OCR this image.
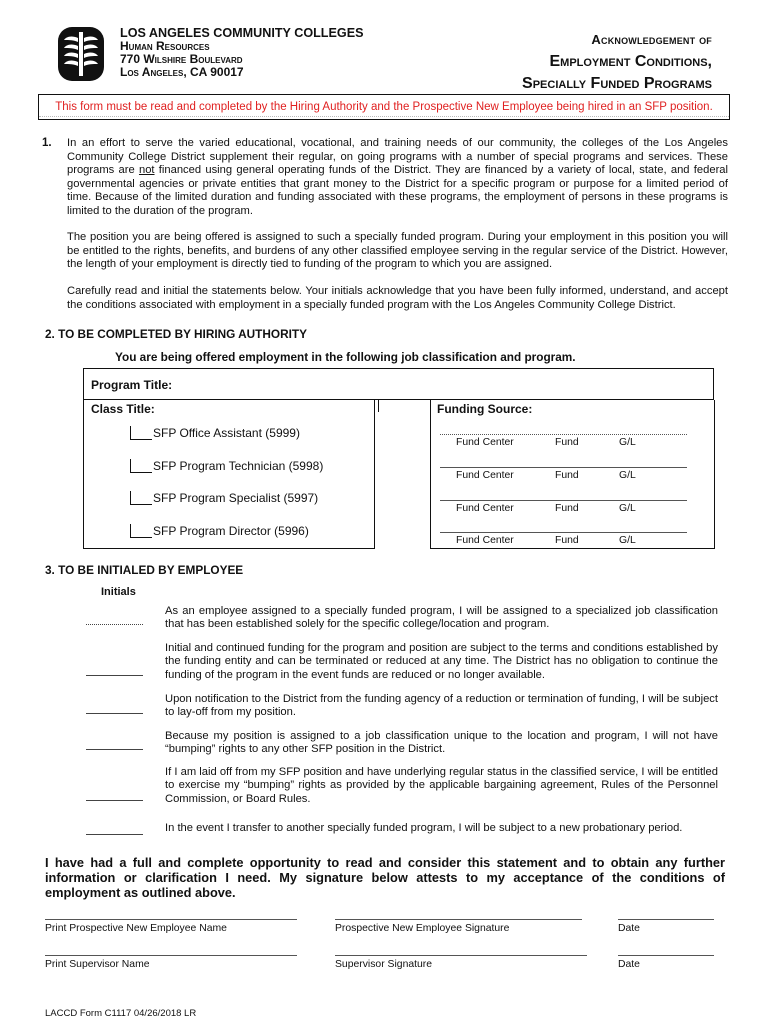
LOS ANGELES COMMUNITY COLLEGES
Human Resources
770 Wilshire Boulevard
Los Angeles, CA 90017
Acknowledgement of
Employment Conditions,
Specially Funded Programs
This form must be read and completed by the Hiring Authority and the Prospective New Employee being hired in an SFP position.
1. In an effort to serve the varied educational, vocational, and training needs of our community, the colleges of the Los Angeles Community College District supplement their regular, on going programs with a number of special programs and services. These programs are not financed using general operating funds of the District. They are financed by a variety of local, state, and federal governmental agencies or private entities that grant money to the District for a specific program or purpose for a limited period of time. Because of the limited duration and funding associated with these programs, the employment of persons in these programs is limited to the duration of the program.
The position you are being offered is assigned to such a specially funded program. During your employment in this position you will be entitled to the rights, benefits, and burdens of any other classified employee serving in the regular service of the District. However, the length of your employment is directly tied to funding of the program to which you are assigned.
Carefully read and initial the statements below. Your initials acknowledge that you have been fully informed, understand, and accept the conditions associated with employment in a specially funded program with the Los Angeles Community College District.
2. TO BE COMPLETED BY HIRING AUTHORITY
You are being offered employment in the following job classification and program.
Program Title:
Class Title:	Funding Source:
SFP Office Assistant (5999)
SFP Program Technician (5998)
SFP Program Specialist (5997)
SFP Program Director (5996)
Fund Center	Fund	G/L
Fund Center	Fund	G/L
Fund Center	Fund	G/L
Fund Center	Fund	G/L
3. TO BE INITIALED BY EMPLOYEE
Initials
As an employee assigned to a specially funded program, I will be assigned to a specialized job classification that has been established solely for the specific college/location and program.
Initial and continued funding for the program and position are subject to the terms and conditions established by the funding entity and can be terminated or reduced at any time. The District has no obligation to continue the funding of the program in the event funds are reduced or no longer available.
Upon notification to the District from the funding agency of a reduction or termination of funding, I will be subject to lay-off from my position.
Because my position is assigned to a job classification unique to the location and program, I will not have “bumping” rights to any other SFP position in the District.
If I am laid off from my SFP position and have underlying regular status in the classified service, I will be entitled to exercise my “bumping” rights as provided by the applicable bargaining agreement, Rules of the Personnel Commission, or Board Rules.
In the event I transfer to another specially funded program, I will be subject to a new probationary period.
I have had a full and complete opportunity to read and consider this statement and to obtain any further information or clarification I need. My signature below attests to my acceptance of the conditions of employment as outlined above.
Print Prospective New Employee Name	Prospective New Employee Signature	Date
Print Supervisor Name	Supervisor Signature	Date
LACCD Form C1117 04/26/2018 LR
